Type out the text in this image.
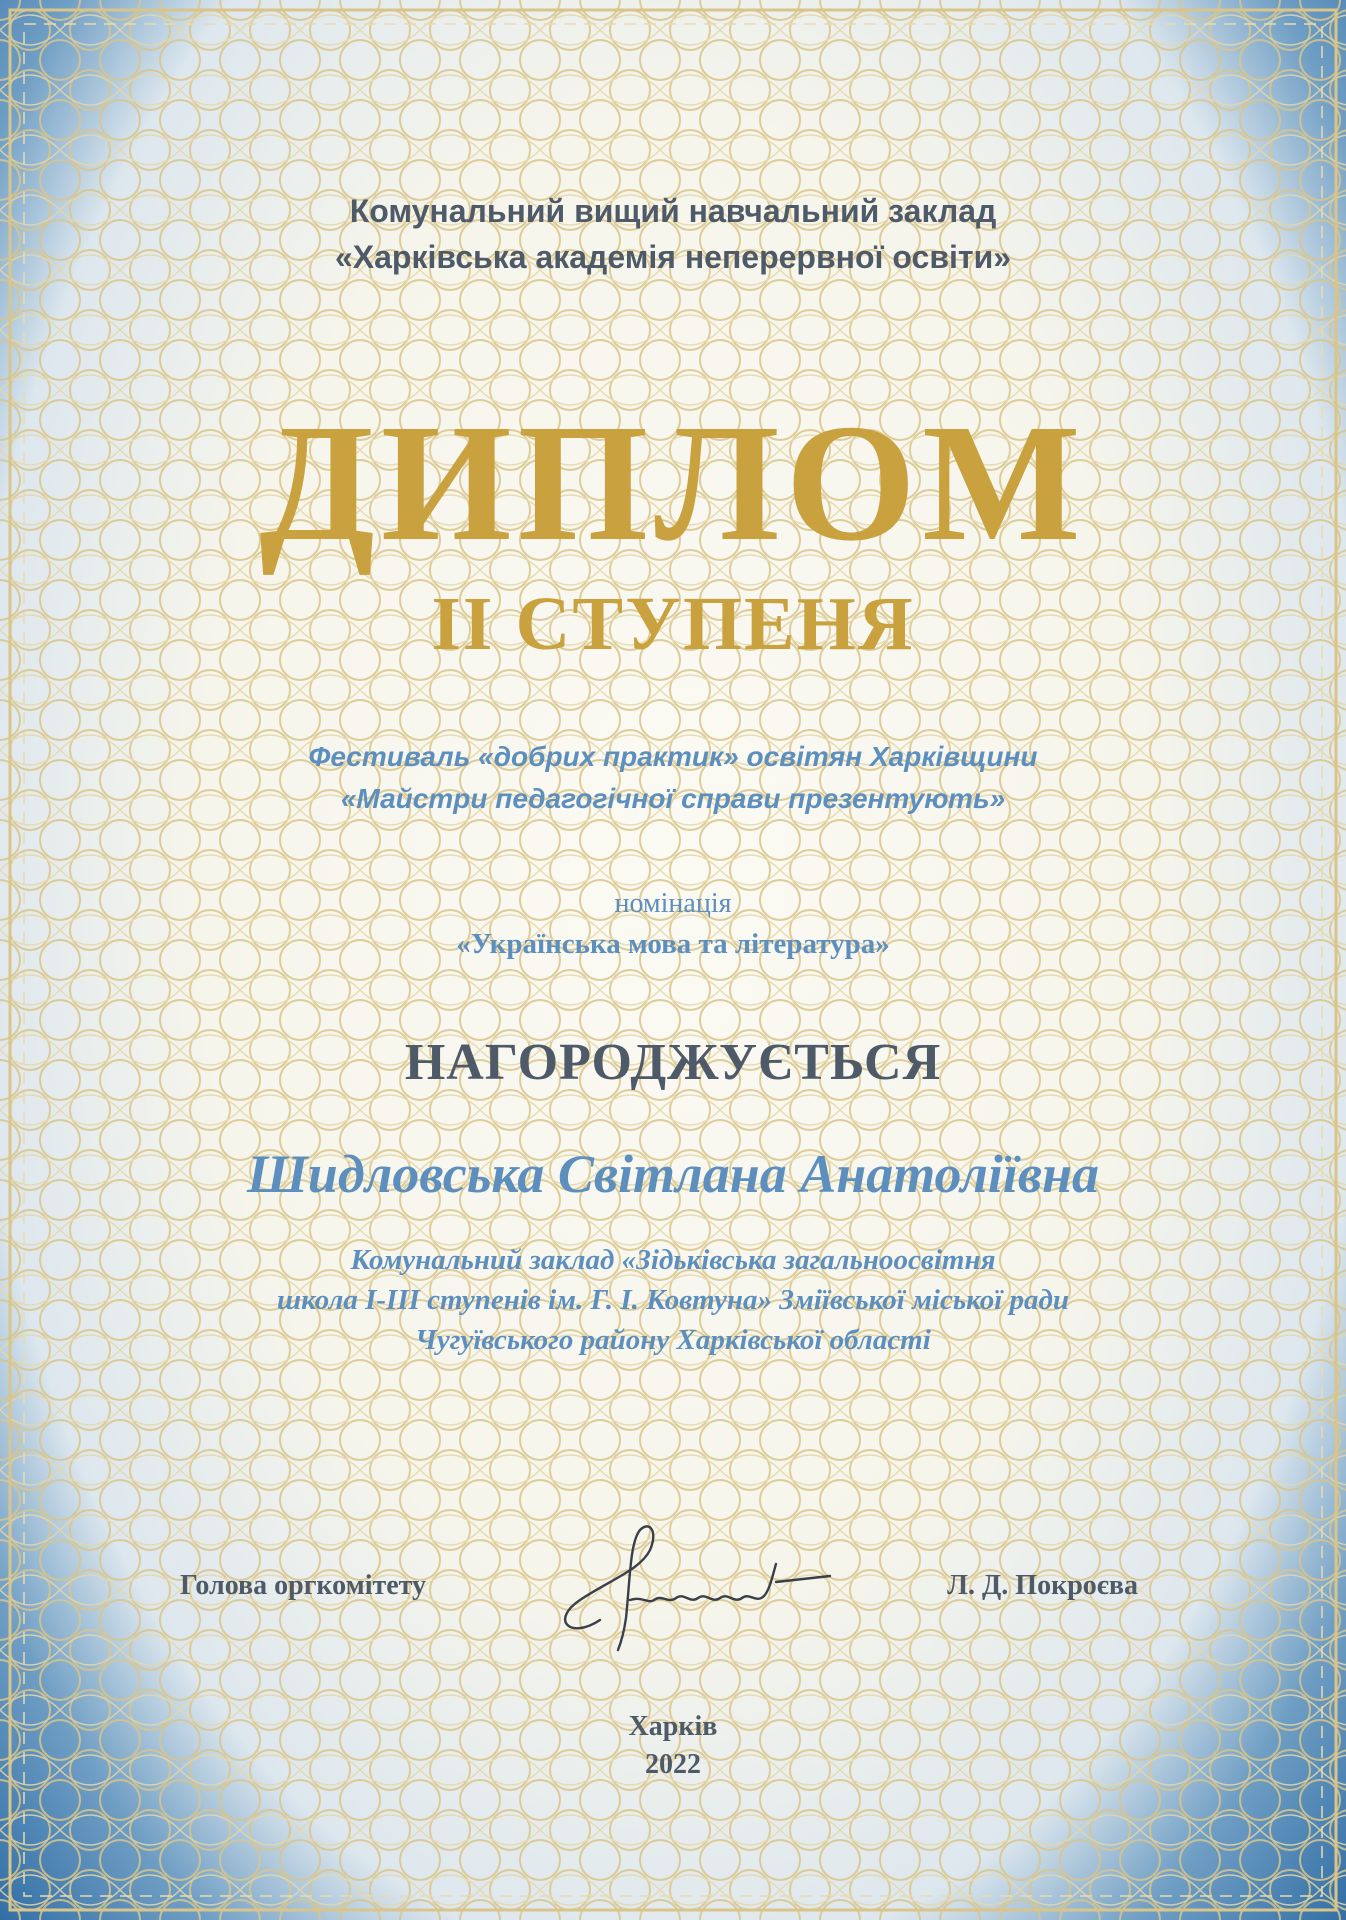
Комунальний вищий навчальний заклад
«Харківська академія неперервної освіти»
ДИПЛОМ
ІІ СТУПЕНЯ
Фестиваль «добрих практик» освітян Харківщини
«Майстри педагогічної справи презентують»
номінація
«Українська мова та література»
НАГОРОДЖУЄТЬСЯ
Шидловська Світлана Анатоліївна
Комунальний заклад «Зідьківська загальноосвітня
школа І-ІІІ ступенів ім. Г. І. Ковтуна» Зміївської міської ради
Чугуївського району Харківської області
Голова оргкомітету	Л. Д. Покроєва
Харків
2022
